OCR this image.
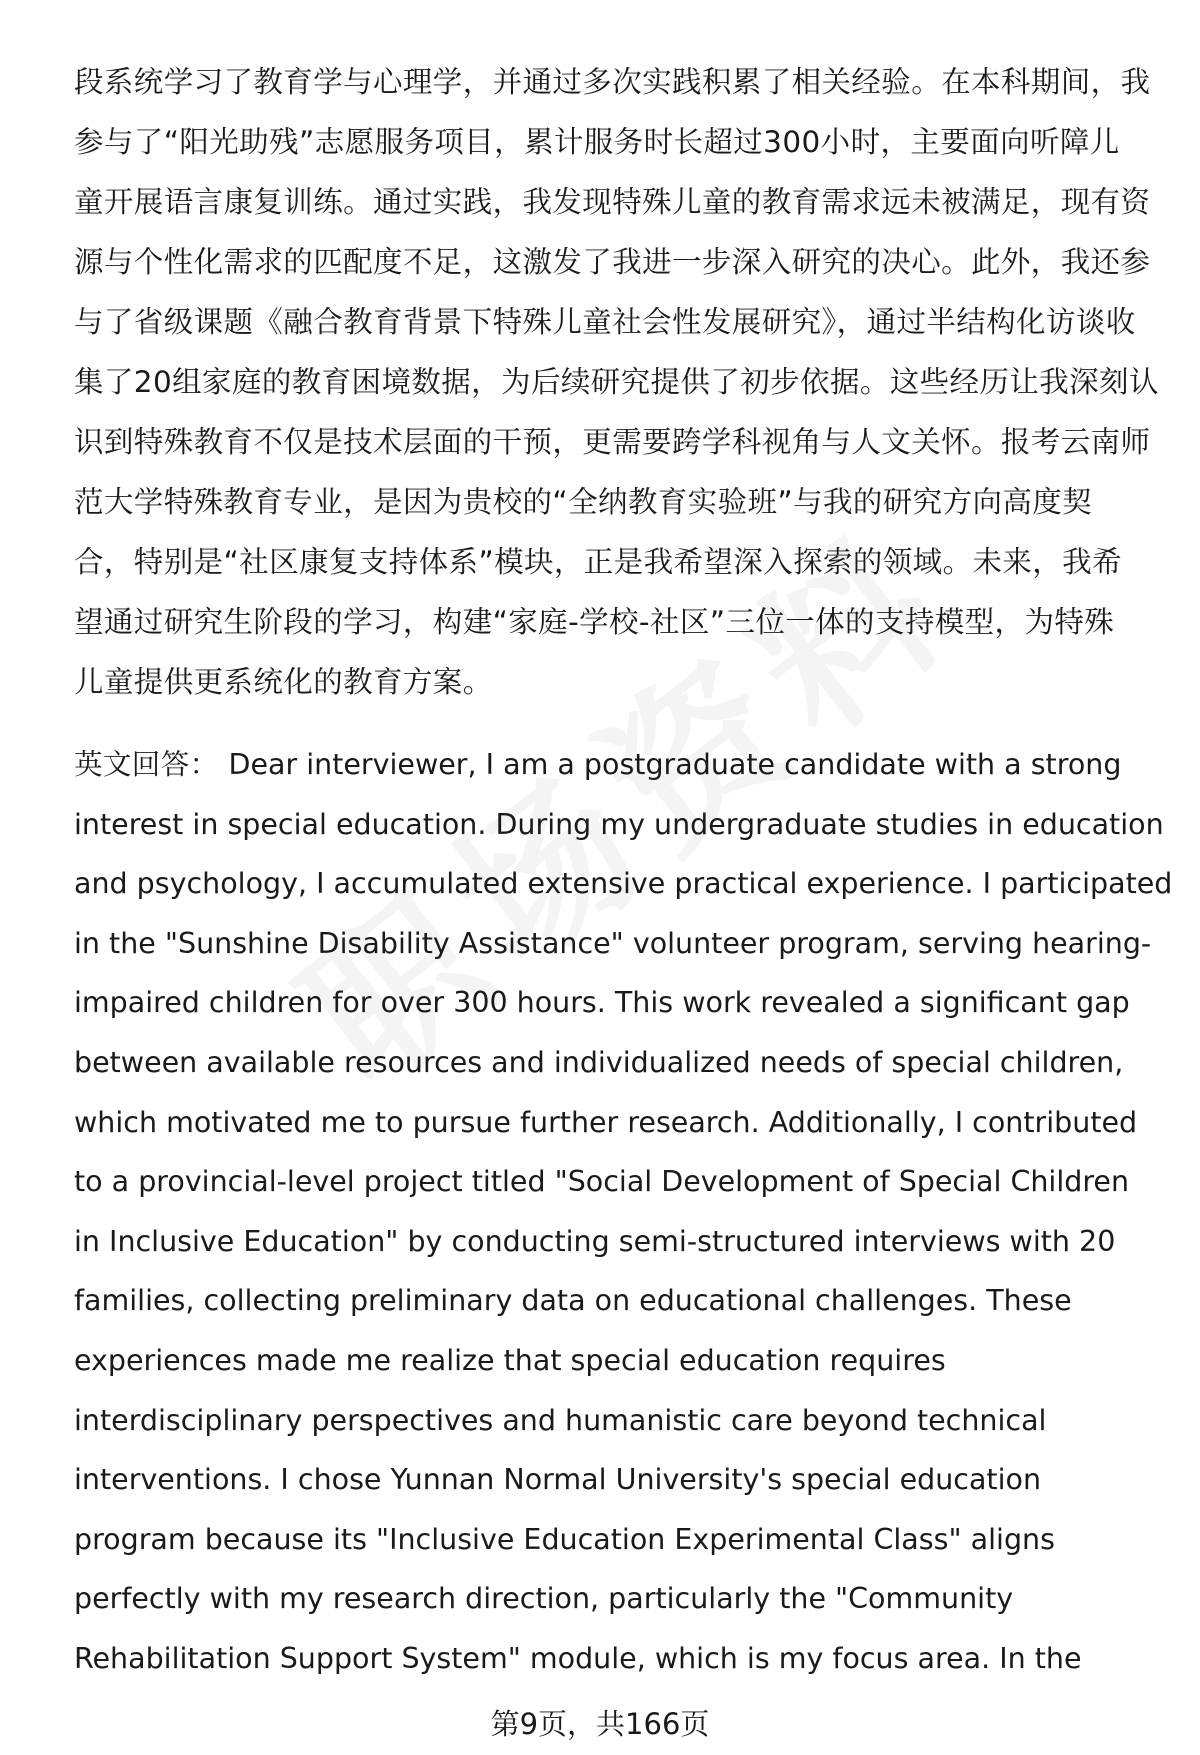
段系统学习了教育学与心理学，并通过多次实践积累了相关经验。在本科期间，我
参与了“阳光助残”志愿服务项目，累计服务时长超过300小时，主要面向听障儿
童开展语言康复训练。通过实践，我发现特殊儿童的教育需求远未被满足，现有资
源与个性化需求的匹配度不足，这激发了我进一步深入研究的决心。此外，我还参
与了省级课题《融合教育背景下特殊儿童社会性发展研究》，通过半结构化访谈收
集了20组家庭的教育困境数据，为后续研究提供了初步依据。这些经历让我深刻认
识到特殊教育不仅是技术层面的干预，更需要跨学科视角与人文关怀。报考云南师
范大学特殊教育专业，是因为贵校的“全纳教育实验班”与我的研究方向高度契
合，特别是“社区康复支持体系”模块，正是我希望深入探索的领域。未来，我希
望通过研究生阶段的学习，构建“家庭-学校-社区”三位一体的支持模型，为特殊
儿童提供更系统化的教育方案。
英文回答： Dear interviewer, I am a postgraduate candidate with a strong
interest in special education. During my undergraduate studies in education
and psychology, I accumulated extensive practical experience. I participated
in the "Sunshine Disability Assistance" volunteer program, serving hearing-
impaired children for over 300 hours. This work revealed a significant gap
between available resources and individualized needs of special children,
which motivated me to pursue further research. Additionally, I contributed
to a provincial-level project titled "Social Development of Special Children
in Inclusive Education" by conducting semi-structured interviews with 20
families, collecting preliminary data on educational challenges. These
experiences made me realize that special education requires
interdisciplinary perspectives and humanistic care beyond technical
interventions. I chose Yunnan Normal University's special education
program because its "Inclusive Education Experimental Class" aligns
perfectly with my research direction, particularly the "Community
Rehabilitation Support System" module, which is my focus area. In the
第9页，共166页
